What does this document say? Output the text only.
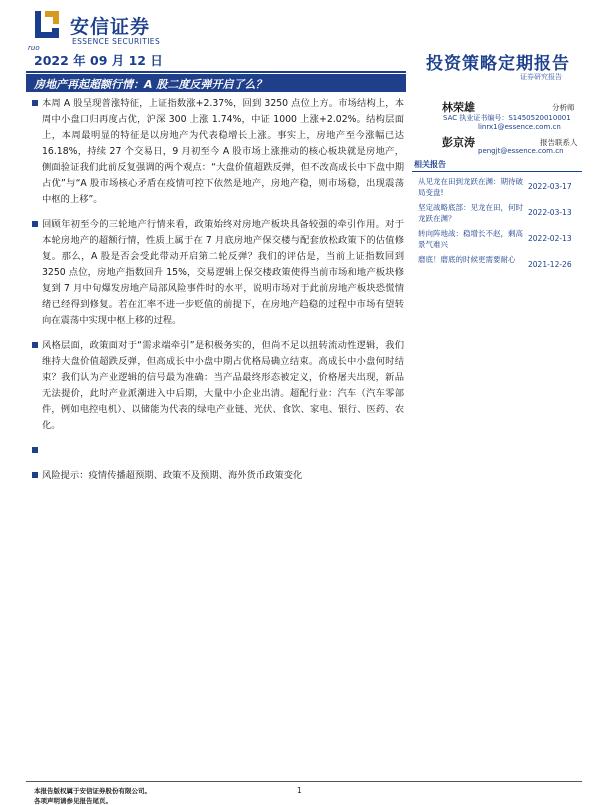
安信证券
ESSENCE SECURITIES
ruo
2022 年 09 月 12 日	投资策略定期报告
证券研究报告
房地产再起超额行情：A 股二度反弹开启了么？
本周 A 股呈现普涨特征，上证指数涨+2.37%，回到 3250 点位上方。市场结构上，本周中小盘口归再度占优，沪深 300 上涨 1.74%，中证 1000 上涨+2.02%。结构层面上，本周最明显的特征是以房地产为代表稳增长上涨。事实上，房地产至今涨幅已达 16.18%，持续 27 个交易日，9 月初至今 A 股市场上涨推动的核心板块就是房地产，侧面验证我们此前反复强调的两个观点：“大盘价值超跌反弹，但不改高成长中下盘中期占优”与“A 股市场核心矛盾在疫情可控下依然是地产，房地产稳，则市场稳，出现震荡中枢的上移”。
回顾年初至今的三轮地产行情来看，政策始终对房地产板块具备较强的牵引作用。对于本轮房地产的超额行情，性质上属于在 7 月底房地产保交楼与配套放松政策下的估值修复。那么，A 股是否会受此带动开启第二轮反弹？我们的评估是，当前上证指数回到 3250 点位，房地产指数回升 15%，交易逻辑上保交楼政策使得当前市场和地产板块修复到 7 月中旬爆发房地产局部风险事件时的水平，说明市场对于此前房地产板块恐慌情绪已经得到修复。若在汇率不进一步贬值的前提下，在房地产趋稳的过程中市场有望转向在震荡中实现中枢上移的过程。
风格层面，政策面对于“需求端牵引”是积极务实的，但尚不足以扭转流动性逻辑，我们维持大盘价值超跌反弹，但高成长中小盘中期占优格局确立结束。高成长中小盘何时结束？我们认为产业逻辑的信号最为准确：当产品最终形态被定义，价格屠夫出现，新品无法提价，此时产业派潮进入中后期，大量中小企业出清。超配行业：汽车（汽车零部件，例如电控电机）、以储能为代表的绿电产业链、光伏、食饮、家电、银行、医药、农化。
风险提示：疫情传播超预期、政策不及预期、海外货币政策变化
林荣雄	分析师
SAC 执业证书编号：S1450520010001
linrx1@essence.com.cn
彭京涛	报告联系人
pengjt@essence.com.cn
相关报告
从见龙在田到龙跃在渊：期待破局变盘!
2022-03-17
坚定战略底部：见龙在田，何时龙跃在渊？
2022-03-13
转向阵地战：稳增长不赵，剩高景气难兴
2022-02-13
磨底！磨底的时候更需要耐心
2021-12-26
本报告版权属于安信证券股份有限公司。
各项声明请参见报告尾页。
1
